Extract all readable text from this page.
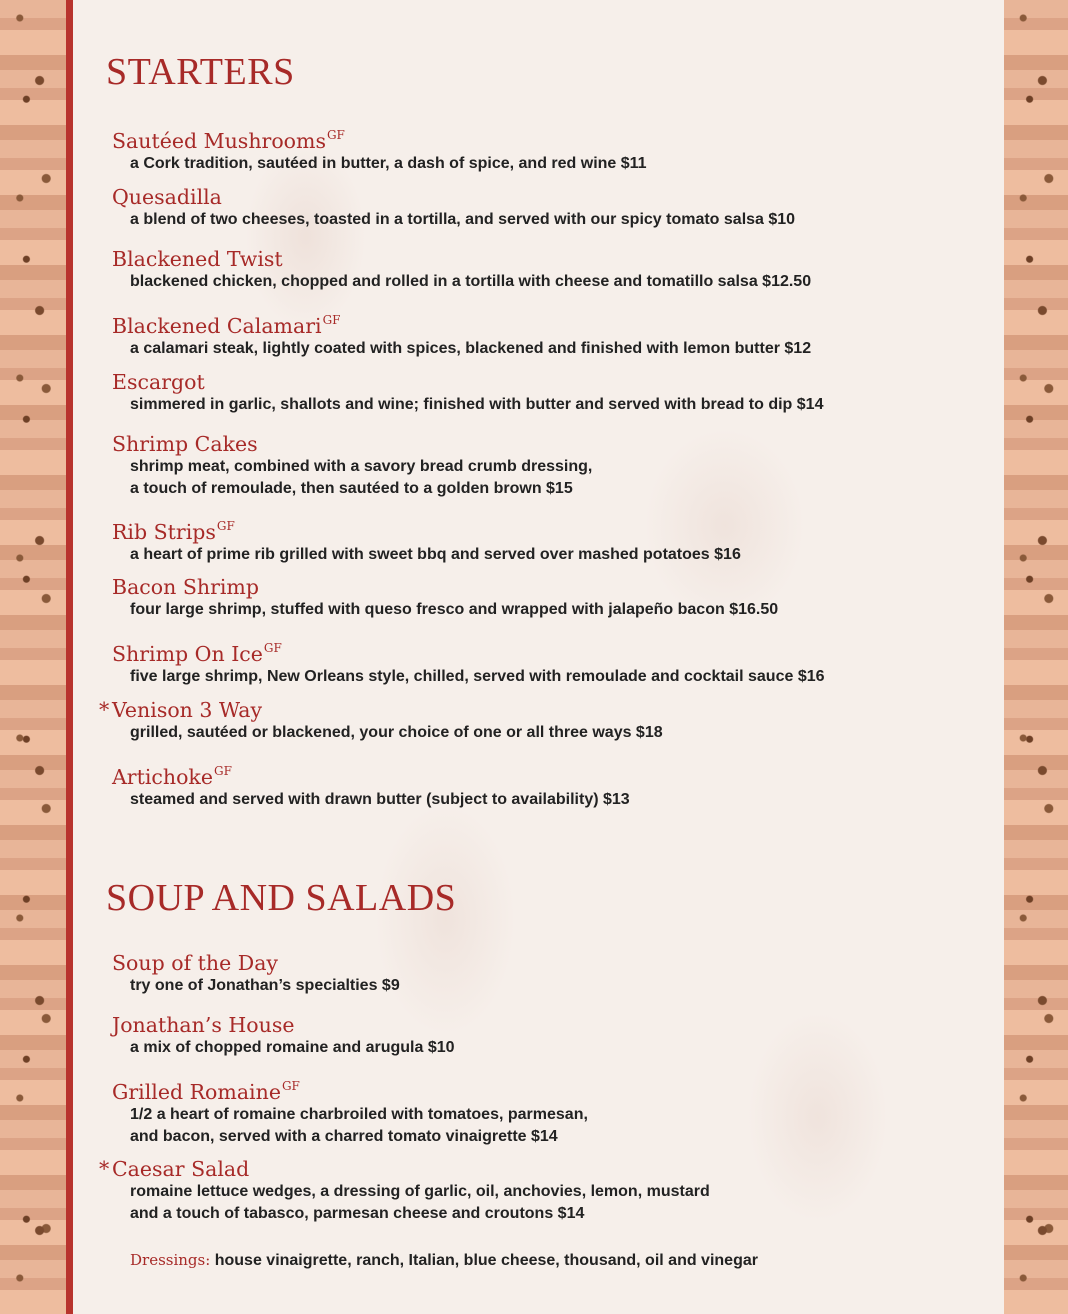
STARTERS
Sautéed Mushrooms$^{GF}$
a Cork tradition, sautéed in butter, a dash of spice, and red wine $11
Quesadilla
a blend of two cheeses, toasted in a tortilla, and served with our spicy tomato salsa $10
Blackened Twist
blackened chicken, chopped and rolled in a tortilla with cheese and tomatillo salsa $12.50
Blackened Calamari$^{GF}$
a calamari steak, lightly coated with spices, blackened and finished with lemon butter $12
Escargot
simmered in garlic, shallots and wine; finished with butter and served with bread to dip $14
Shrimp Cakes
shrimp meat, combined with a savory bread crumb dressing,
a touch of remoulade, then sautéed to a golden brown $15
Rib Strips$^{GF}$
a heart of prime rib grilled with sweet bbq and served over mashed potatoes $16
Bacon Shrimp
four large shrimp, stuffed with queso fresco and wrapped with jalapeño bacon $16.50
Shrimp On Ice$^{GF}$
five large shrimp, New Orleans style, chilled, served with remoulade and cocktail sauce $16
* Venison 3 Way
grilled, sautéed or blackened, your choice of one or all three ways $18
Artichoke$^{GF}$
steamed and served with drawn butter (subject to availability) $13
SOUP AND SALADS
Soup of the Day
try one of Jonathan’s specialties $9
Jonathan’s House
a mix of chopped romaine and arugula $10
Grilled Romaine$^{GF}$
1/2 a heart of romaine charbroiled with tomatoes, parmesan,
and bacon, served with a charred tomato vinaigrette $14
* Caesar Salad
romaine lettuce wedges, a dressing of garlic, oil, anchovies, lemon, mustard
and a touch of tabasco, parmesan cheese and croutons $14
Dressings: house vinaigrette, ranch, Italian, blue cheese, thousand, oil and vinegar
